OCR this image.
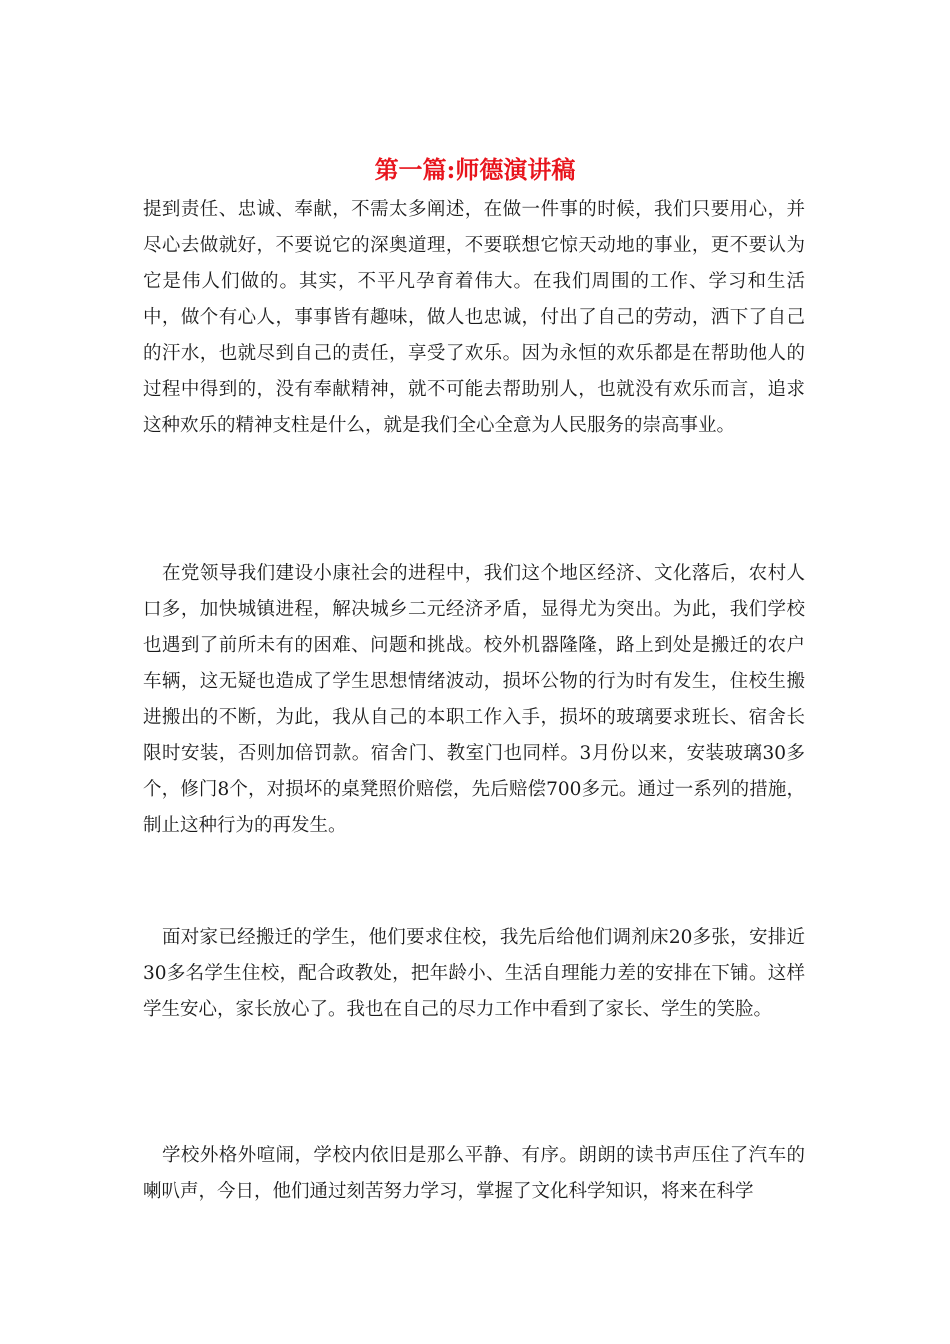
第一篇:师德演讲稿

提到责任、忠诚、奉献，不需太多阐述，在做一件事的时候，我们只要用心，并尽心去做就好，不要说它的深奥道理，不要联想它惊天动地的事业，更不要认为它是伟人们做的。其实，不平凡孕育着伟大。在我们周围的工作、学习和生活中，做个有心人，事事皆有趣味，做人也忠诚，付出了自己的劳动，洒下了自己的汗水，也就尽到自己的责任，享受了欢乐。因为永恒的欢乐都是在帮助他人的过程中得到的，没有奉献精神，就不可能去帮助别人，也就没有欢乐而言，追求这种欢乐的精神支柱是什么，就是我们全心全意为人民服务的崇高事业。

在党领导我们建设小康社会的进程中，我们这个地区经济、文化落后，农村人口多，加快城镇进程，解决城乡二元经济矛盾，显得尤为突出。为此，我们学校也遇到了前所未有的困难、问题和挑战。校外机器隆隆，路上到处是搬迁的农户车辆，这无疑也造成了学生思想情绪波动，损坏公物的行为时有发生，住校生搬进搬出的不断，为此，我从自己的本职工作入手，损坏的玻璃要求班长、宿舍长限时安装，否则加倍罚款。宿舍门、教室门也同样。3月份以来，安装玻璃30多个，修门8个，对损坏的桌凳照价赔偿，先后赔偿700多元。通过一系列的措施，制止这种行为的再发生。

面对家已经搬迁的学生，他们要求住校，我先后给他们调剂床20多张，安排近30多名学生住校，配合政教处，把年龄小、生活自理能力差的安排在下铺。这样学生安心，家长放心了。我也在自己的尽力工作中看到了家长、学生的笑脸。

学校外格外喧闹，学校内依旧是那么平静、有序。朗朗的读书声压住了汽车的喇叭声，今日，他们通过刻苦努力学习，掌握了文化科学知识，将来在科学
